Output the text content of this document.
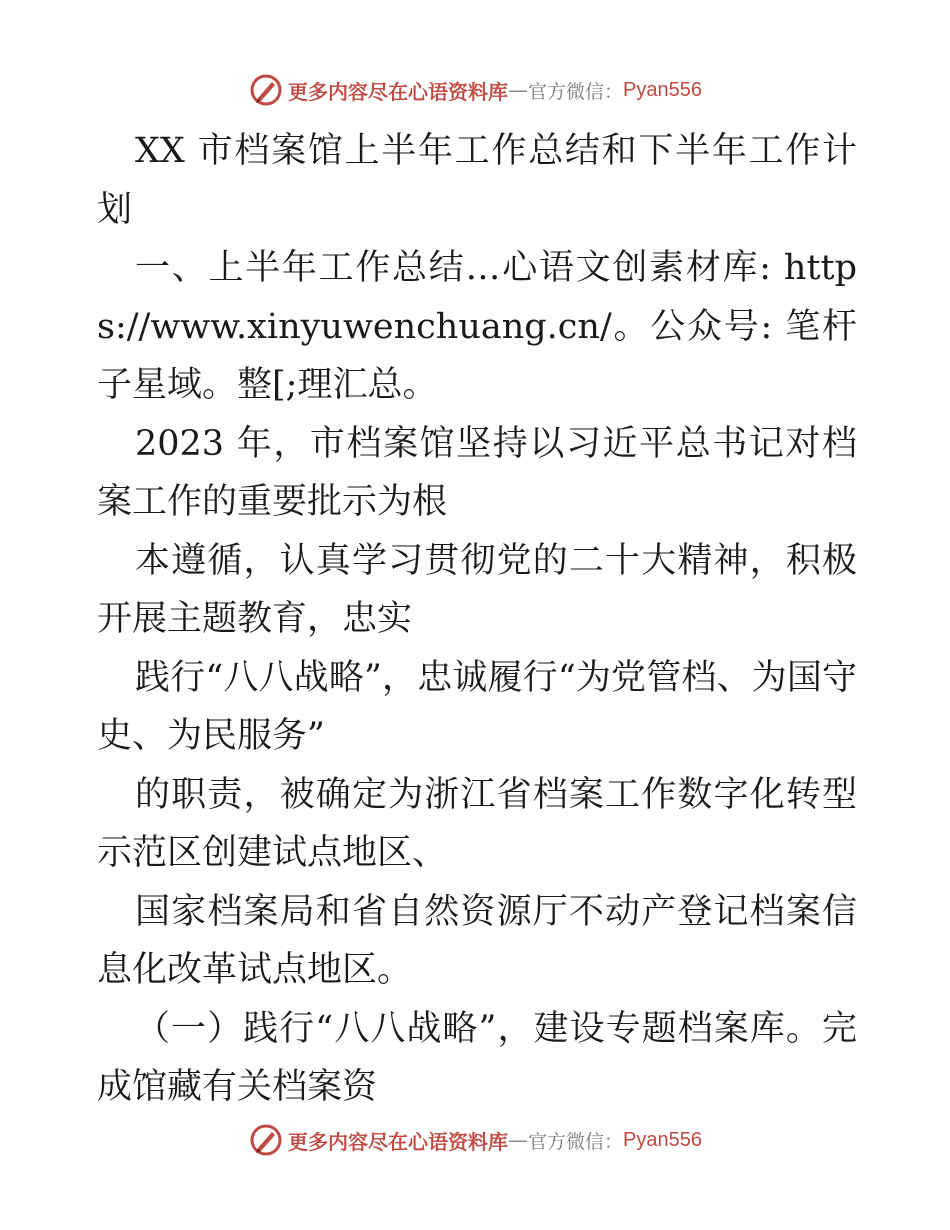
更多内容尽在心语资料库 — 官方微信： Pyan556

XX 市档案馆上半年工作总结和下半年工作计划

一、上半年工作总结…心语文创素材库: https://www.xinyuwenchuang.cn/。公众号: 笔杆子星域。整[;理汇总。

2023 年，市档案馆坚持以习近平总书记对档案工作的重要批示为根

本遵循，认真学习贯彻党的二十大精神，积极开展主题教育，忠实

践行“八八战略”，忠诚履行“为党管档、为国守史、为民服务”

的职责，被确定为浙江省档案工作数字化转型示范区创建试点地区、

国家档案局和省自然资源厅不动产登记档案信息化改革试点地区。

（一）践行“八八战略”，建设专题档案库。完成馆藏有关档案资

更多内容尽在心语资料库 — 官方微信： Pyan556
